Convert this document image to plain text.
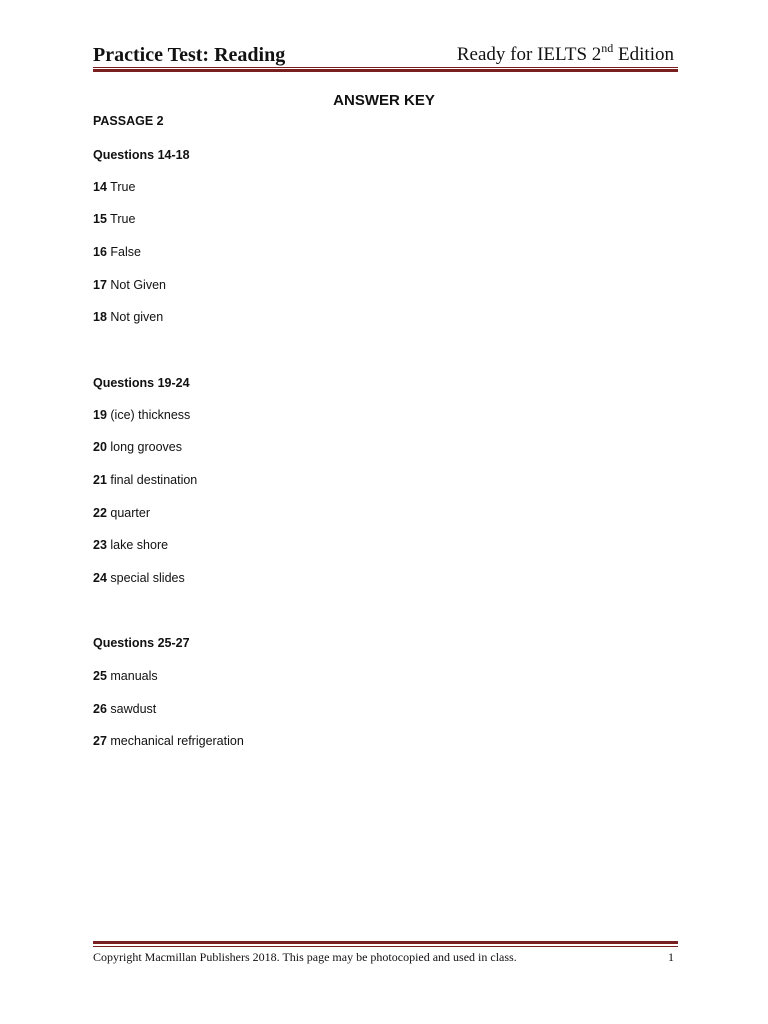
Practice Test: Reading	Ready for IELTS 2nd Edition
ANSWER KEY
PASSAGE 2
Questions 14-18
14 True
15 True
16 False
17 Not Given
18 Not given
Questions 19-24
19 (ice) thickness
20 long grooves
21 final destination
22 quarter
23 lake shore
24 special slides
Questions 25-27
25 manuals
26 sawdust
27 mechanical refrigeration
Copyright Macmillan Publishers 2018. This page may be photocopied and used in class.	1
